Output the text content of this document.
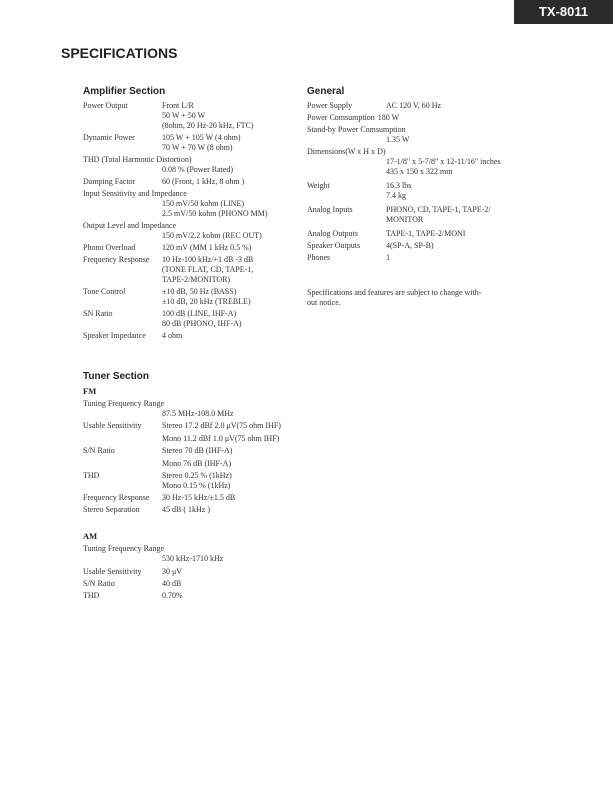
TX-8011
SPECIFICATIONS
Amplifier Section
Power Output	Front L/R
50 W + 50 W
(8ohm, 20 Hz-20 kHz, FTC)
Dynamic Power	105 W + 105 W (4 ohm)
70 W + 70 W (8 ohm)
THD (Total Harmonic Distortion)
0.08 % (Power Rated)
Damping Factor	60 (Front, 1 kHz, 8 ohm )
Input Sensitivity and Impedance
150 mV/50 kohm (LINE)
2.5 mV/50 kohm (PHONO MM)
Output Level and Impedance
150 mV/2.2 kohm (REC OUT)
Phono Overload	120 mV (MM 1 kHz 0.5 %)
Frequency Response	10 Hz-100 kHz/+1 dB -3 dB
(TONE FLAT, CD, TAPE-1,
TAPE-2/MONITOR)
Tone Control	±10 dB, 50 Hz (BASS)
±10 dB, 20 kHz (TREBLE)
SN Ratio	100 dB (LINE, IHF-A)
80 dB (PHONO, IHF-A)
Speaker Impedance	4 ohm
Tuner Section
FM
Tuning Frequency Range
87.5 MHz-108.0 MHz
Usable Sensitivity	Stereo 17.2 dBf 2.0 μV(75 ohm IHF)
Mono 11.2 dBf 1.0 μV(75 ohm IHF)
S/N Ratio	Stereo 70 dB (IHF-A)
Mono 76 dB (IHF-A)
THD	Stereo 0.25 % (1kHz)
Mono 0.15 % (1kHz)
Frequency Response	30 Hz-15 kHz/±1.5 dB
Stereo Separation	45 dB ( 1kHz )
AM
Tuning Frequency Range
530 kHz-1710 kHz
Usable Sensitivity	30 μV
S/N Ratio	40 dB
THD	0.70%
General
Power Supply	AC 120 V, 60 Hz
Power Comsumption 180 W
Stand-by Power Comsumption
1.35 W
Dimensions(W x H x D)
17-1/8" x 5-7/8" x 12-11/16" inches
435 x 150 x 322 mm
Weight	16.3 lbs
7.4 kg
Analog Inputs	PHONO, CD, TAPE-1, TAPE-2/
MONITOR
Analog Outputs	TAPE-1, TAPE-2/MONI
Speaker Outputs	4(SP-A, SP-B)
Phones	1
Specifications and features are subject to change with-
out notice.
